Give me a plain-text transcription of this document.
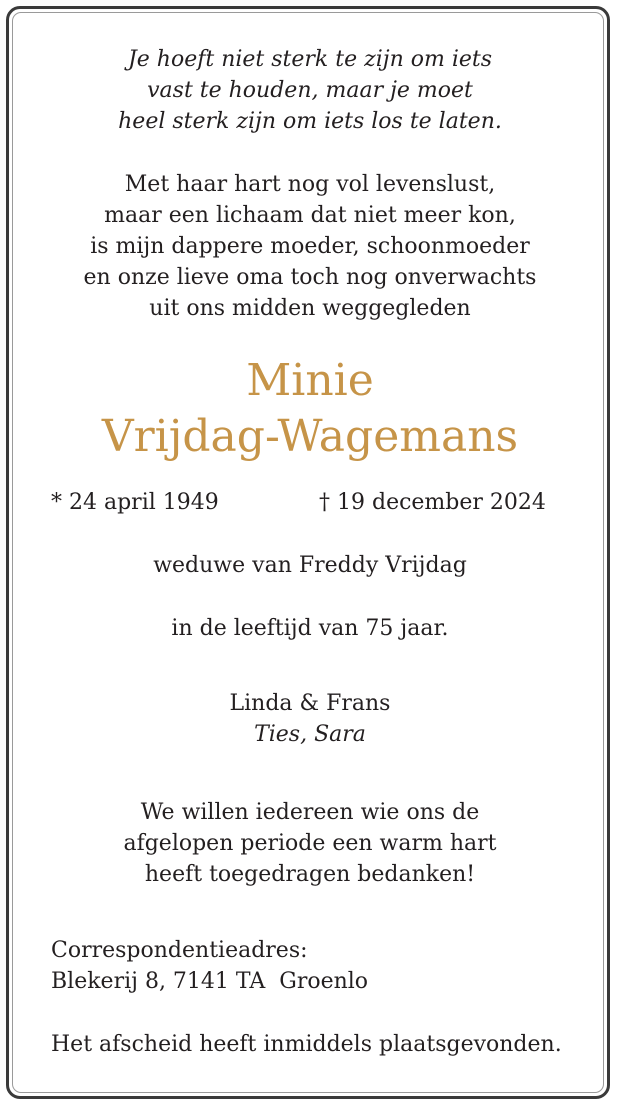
Je hoeft niet sterk te zijn om iets
vast te houden, maar je moet
heel sterk zijn om iets los te laten.
Met haar hart nog vol levenslust,
maar een lichaam dat niet meer kon,
is mijn dappere moeder, schoonmoeder
en onze lieve oma toch nog onverwachts
uit ons midden weggegleden
Minie
Vrijdag-Wagemans
* 24 april 1949	† 19 december 2024
weduwe van Freddy Vrijdag
in de leeftijd van 75 jaar.
Linda & Frans
Ties, Sara
We willen iedereen wie ons de
afgelopen periode een warm hart
heeft toegedragen bedanken!
Correspondentieadres:
Blekerij 8, 7141 TA  Groenlo
Het afscheid heeft inmiddels plaatsgevonden.
